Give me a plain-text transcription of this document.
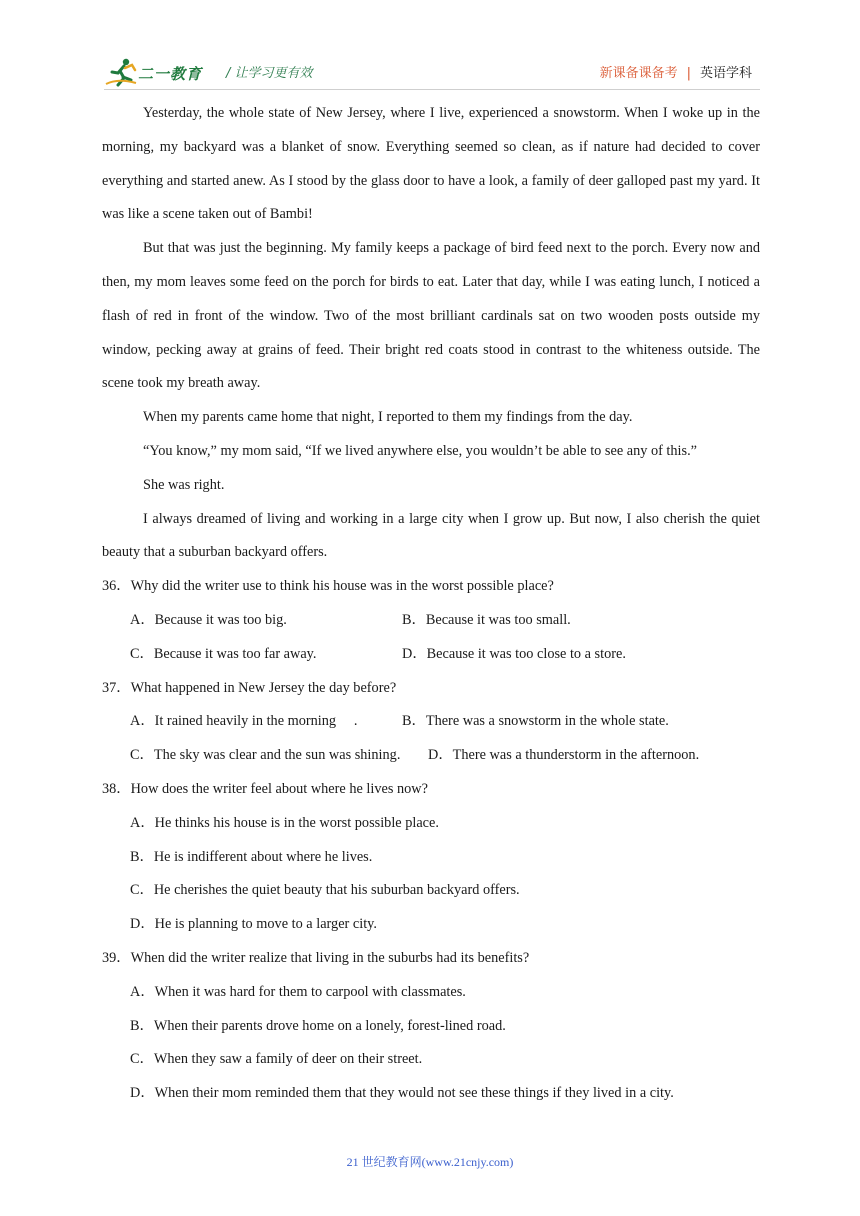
二一教育 / 让学习更有效	新课备课备考 | 英语学科

Yesterday, the whole state of New Jersey, where I live, experienced a snowstorm. When I woke up in the morning, my backyard was a blanket of snow. Everything seemed so clean, as if nature had decided to cover everything and started anew. As I stood by the glass door to have a look, a family of deer galloped past my yard. It was like a scene taken out of Bambi!

But that was just the beginning. My family keeps a package of bird feed next to the porch. Every now and then, my mom leaves some feed on the porch for birds to eat. Later that day, while I was eating lunch, I noticed a flash of red in front of the window. Two of the most brilliant cardinals sat on two wooden posts outside my window, pecking away at grains of feed. Their bright red coats stood in contrast to the whiteness outside. The scene took my breath away.

When my parents came home that night, I reported to them my findings from the day.

“You know,” my mom said, “If we lived anywhere else, you wouldn’t be able to see any of this.”

She was right.

I always dreamed of living and working in a large city when I grow up. But now, I also cherish the quiet beauty that a suburban backyard offers.

36．Why did the writer use to think his house was in the worst possible place?

A．Because it was too big.	B．Because it was too small.
C．Because it was too far away.	D．Because it was too close to a store.

37．What happened in New Jersey the day before?

A．It rained heavily in the morning     .	B．There was a snowstorm in the whole state.
C．The sky was clear and the sun was shining. D．There was a thunderstorm in the afternoon.

38．How does the writer feel about where he lives now?

A．He thinks his house is in the worst possible place.

B．He is indifferent about where he lives.

C．He cherishes the quiet beauty that his suburban backyard offers.

D．He is planning to move to a larger city.

39．When did the writer realize that living in the suburbs had its benefits?

A．When it was hard for them to carpool with classmates.

B．When their parents drove home on a lonely, forest-lined road.

C．When they saw a family of deer on their street.

D．When their mom reminded them that they would not see these things if they lived in a city.

21 世纪教育网(www.21cnjy.com)
